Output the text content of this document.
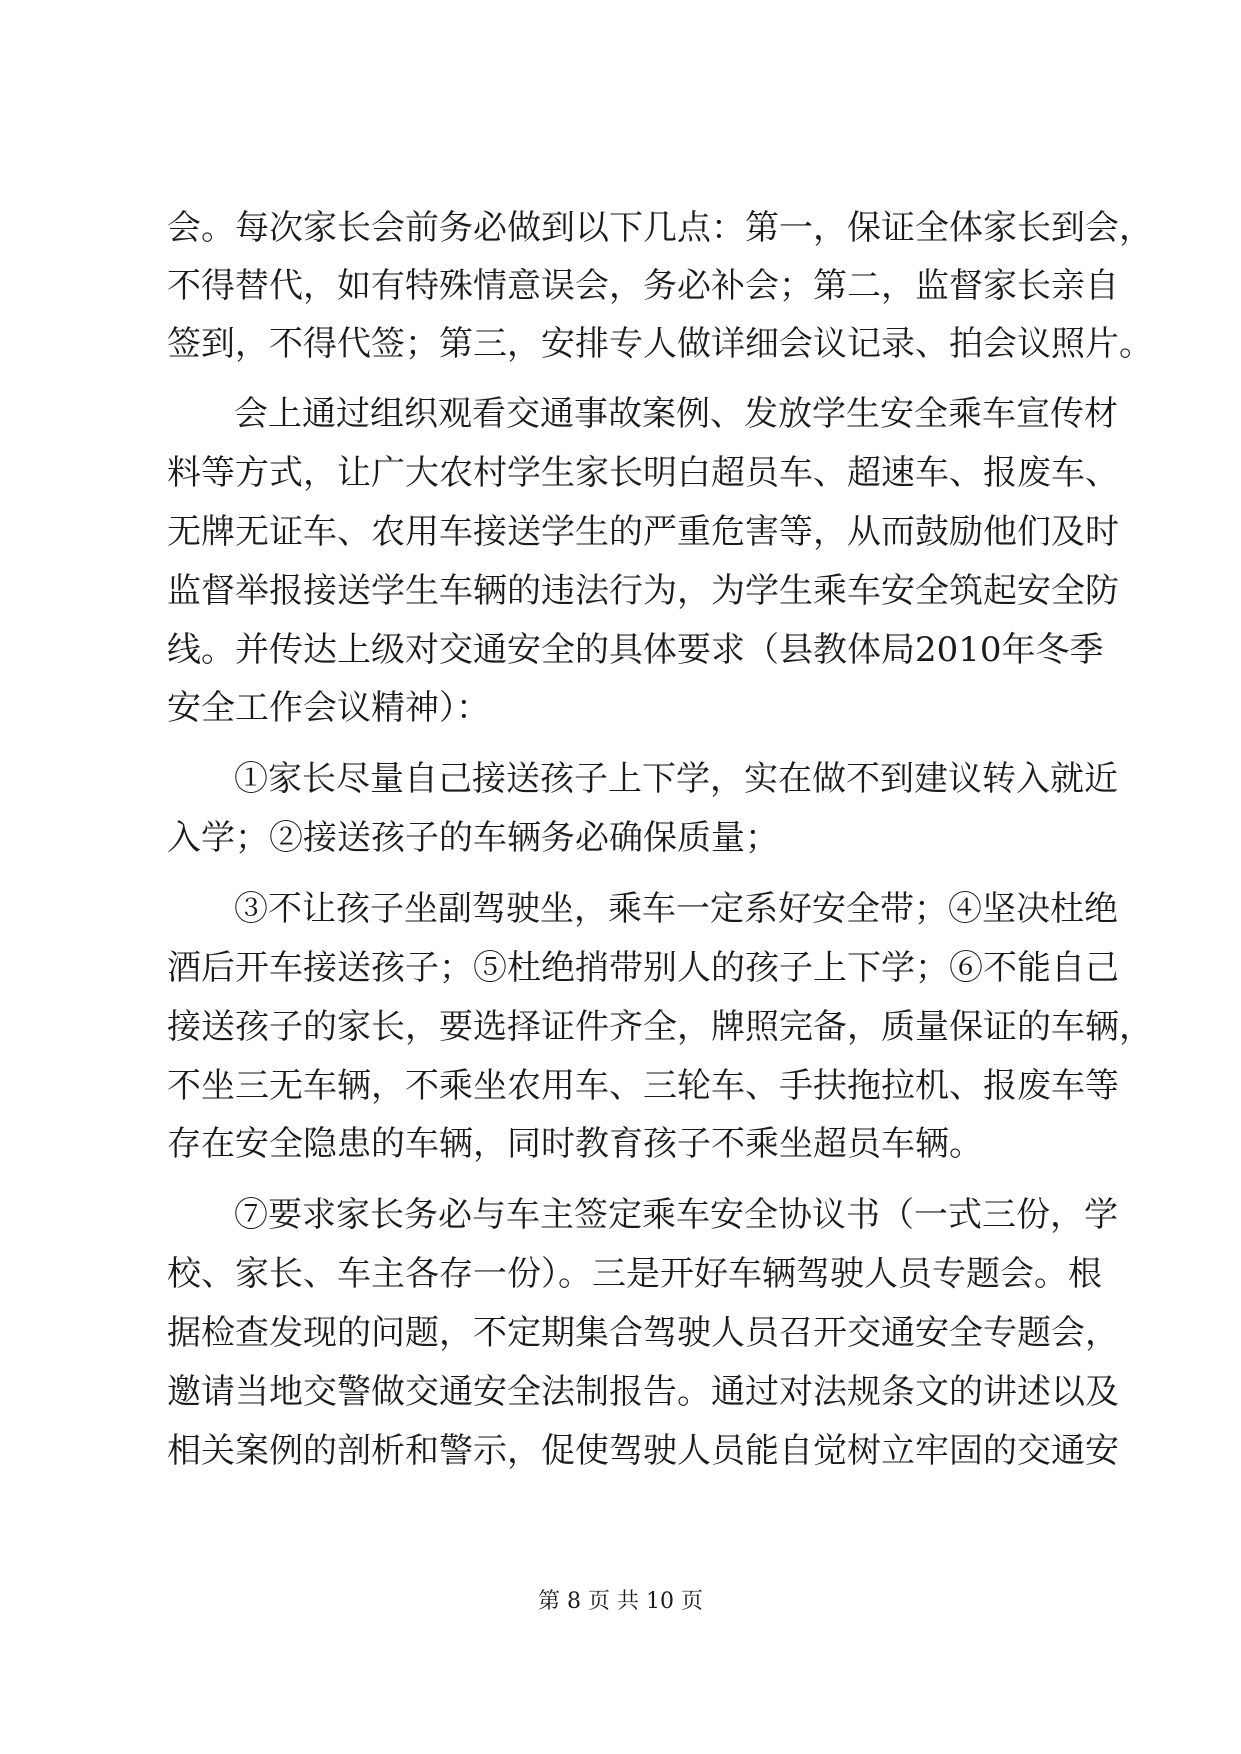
会。每次家长会前务必做到以下几点：第一，保证全体家长到会，
不得替代，如有特殊情意误会，务必补会；第二，监督家长亲自
签到，不得代签；第三，安排专人做详细会议记录、拍会议照片。
会上通过组织观看交通事故案例、发放学生安全乘车宣传材
料等方式，让广大农村学生家长明白超员车、超速车、报废车、
无牌无证车、农用车接送学生的严重危害等，从而鼓励他们及时
监督举报接送学生车辆的违法行为，为学生乘车安全筑起安全防
线。并传达上级对交通安全的具体要求（县教体局2010年冬季
安全工作会议精神）：
①家长尽量自己接送孩子上下学，实在做不到建议转入就近
入学；②接送孩子的车辆务必确保质量；
③不让孩子坐副驾驶坐，乘车一定系好安全带；④坚决杜绝
酒后开车接送孩子；⑤杜绝捎带别人的孩子上下学；⑥不能自己
接送孩子的家长，要选择证件齐全，牌照完备，质量保证的车辆，
不坐三无车辆，不乘坐农用车、三轮车、手扶拖拉机、报废车等
存在安全隐患的车辆，同时教育孩子不乘坐超员车辆。
⑦要求家长务必与车主签定乘车安全协议书（一式三份，学
校、家长、车主各存一份）。三是开好车辆驾驶人员专题会。根
据检查发现的问题，不定期集合驾驶人员召开交通安全专题会，
邀请当地交警做交通安全法制报告。通过对法规条文的讲述以及
相关案例的剖析和警示，促使驾驶人员能自觉树立牢固的交通安
第 8 页 共 10 页
